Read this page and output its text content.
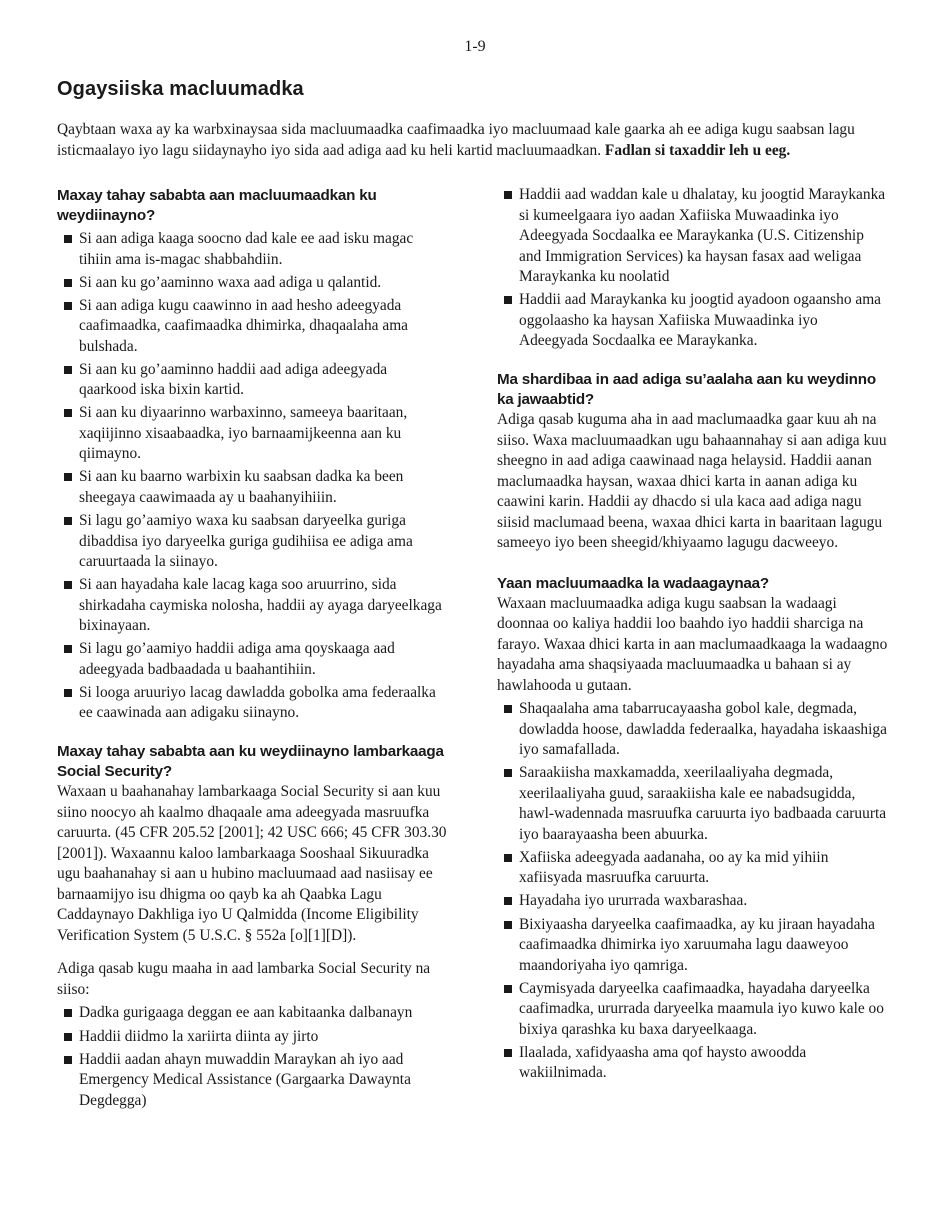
1-9
Ogaysiiska macluumadka

Qaybtaan waxa ay ka warbxinaysaa sida macluumaadka caafimaadka iyo macluumaad kale gaarka ah ee adiga kugu saabsan lagu isticmaalayo iyo lagu siidaynayho iyo sida aad adiga aad ku heli kartid macluumaadkan. Fadlan si taxaddir leh u eeg.

Maxay tahay sababta aan macluumaadkan ku weydiinayno?
Si aan adiga kaaga soocno dad kale ee aad isku magac tihiin ama is-magac shabbahdiin.
Si aan ku go’aaminno waxa aad adiga u qalantid.
Si aan adiga kugu caawinno in aad hesho adeegyada caafimaadka, caafimaadka dhimirka, dhaqaalaha ama bulshada.
Si aan ku go’aaminno haddii aad adiga adeegyada qaarkood iska bixin kartid.
Si aan ku diyaarinno warbaxinno, sameeya baaritaan, xaqiijinno xisaabaadka, iyo barnaamijkeenna aan ku qiimayno.
Si aan ku baarno warbixin ku saabsan dadka ka been sheegaya caawimaada ay u baahanyihiiin.
Si lagu go’aamiyo waxa ku saabsan daryeelka guriga dibaddisa iyo daryeelka guriga gudihiisa ee adiga ama caruurtaada la siinayo.
Si aan hayadaha kale lacag kaga soo aruurrino, sida shirkadaha caymiska nolosha, haddii ay ayaga daryeelkaga bixinayaan.
Si lagu go’aamiyo haddii adiga ama qoyskaaga aad adeegyada badbaadada u baahantihiin.
Si looga aruuriyo lacag dawladda gobolka ama federaalka ee caawinada aan adigaku siinayno.
Maxay tahay sababta aan ku weydiinayno lambarkaaga Social Security?

Waxaan u baahanahay lambarkaaga Social Security si aan kuu siino noocyo ah kaalmo dhaqaale ama adeegyada masruufka caruurta. (45 CFR 205.52 [2001]; 42 USC 666; 45 CFR 303.30 [2001]). Waxaannu kaloo lambarkaaga Sooshaal Sikuuradka ugu baahanahay si aan u hubino macluumaad aad nasiisay ee barnaamijyo isu dhigma oo qayb ka ah Qaabka Lagu Caddaynayo Dakhliga iyo U Qalmidda (Income Eligibility Verification System (5 U.S.C. § 552a [o][1][D]).

Adiga qasab kugu maaha in aad lambarka Social Security na siiso:

Dadka gurigaaga deggan ee aan kabitaanka dalbanayn
Haddii diidmo la xariirta diinta ay jirto
Haddii aadan ahayn muwaddin Maraykan ah iyo aad Emergency Medical Assistance (Gargaarka Dawaynta Degdegga)
Haddii aad waddan kale u dhalatay, ku joogtid Maraykanka si kumeelgaara iyo aadan Xafiiska Muwaadinka iyo Adeegyada Socdaalka ee Maraykanka (U.S. Citizenship and Immigration Services) ka haysan fasax aad weligaa Maraykanka ku noolatid
Haddii aad Maraykanka ku joogtid ayadoon ogaansho ama oggolaasho ka haysan Xafiiska Muwaadinka iyo Adeegyada Socdaalka ee Maraykanka.
Ma shardibaa in aad adiga su’aalaha aan ku weydinno ka jawaabtid?

Adiga qasab kuguma aha in aad maclumaadka gaar kuu ah na siiso. Waxa macluumaadkan ugu bahaannahay si aan adiga kuu sheegno in aad adiga caawinaad naga helaysid. Haddii aanan maclumaadka haysan, waxaa dhici karta in aanan adiga ku caawini karin. Haddii ay dhacdo si ula kaca aad adiga nagu siisid maclumaad beena, waxaa dhici karta in baaritaan lagugu sameeyo iyo been sheegid/khiyaamo lagugu dacweeyo.

Yaan macluumaadka la wadaagaynaa?

Waxaan macluumaadka adiga kugu saabsan la wadaagi doonnaa oo kaliya haddii loo baahdo iyo haddii sharciga na farayo. Waxaa dhici karta in aan maclumaadkaaga la wadaagno hayadaha ama shaqsiyaada macluumaadka u bahaan si ay hawlahooda u gutaan.

Shaqaalaha ama tabarrucayaasha gobol kale, degmada, dowladda hoose, dawladda federaalka, hayadaha iskaashiga iyo samafallada.
Saraakiisha maxkamadda, xeerilaaliyaha degmada, xeerilaaliyaha guud, saraakiisha kale ee nabadsugidda, hawl-wadennada masruufka caruurta iyo badbaada caruurta iyo baarayaasha been abuurka.
Xafiiska adeegyada aadanaha, oo ay ka mid yihiin xafiisyada masruufka caruurta.
Hayadaha iyo ururrada waxbarashaa.
Bixiyaasha daryeelka caafimaadka, ay ku jiraan hayadaha caafimaadka dhimirka iyo xaruumaha lagu daaweyoo maandoriyaha iyo qamriga.
Caymisyada daryeelka caafimaadka, hayadaha daryeelka caafimadka, ururrada daryeelka maamula iyo kuwo kale oo bixiya qarashka ku baxa daryeelkaaga.
Ilaalada, xafidyaasha ama qof haysto awoodda wakiilnimada.
